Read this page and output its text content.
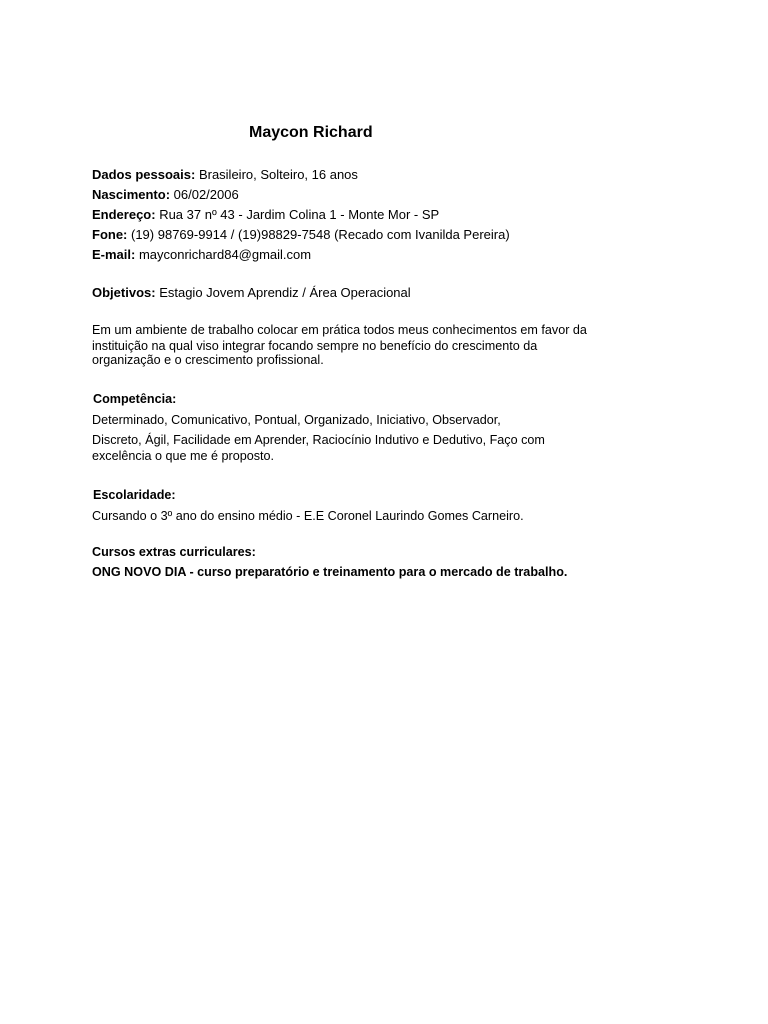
Maycon Richard
Dados pessoais: Brasileiro, Solteiro, 16 anos
Nascimento: 06/02/2006
Endereço: Rua 37 nº 43 - Jardim Colina 1 - Monte Mor - SP
Fone: (19) 98769-9914 / (19)98829-7548 (Recado com Ivanilda Pereira)
E-mail: mayconrichard84@gmail.com
Objetivos: Estagio Jovem Aprendiz / Área Operacional
Em um ambiente de trabalho colocar em prática todos meus conhecimentos em favor da
instituição na qual viso integrar focando sempre no benefício do crescimento da
organização e o crescimento profissional.
Competência:
Determinado, Comunicativo, Pontual, Organizado, Iniciativo, Observador,
Discreto, Ágil, Facilidade em Aprender, Raciocínio Indutivo e Dedutivo, Faço com
excelência o que me é proposto.
Escolaridade:
Cursando o 3º ano do ensino médio - E.E Coronel Laurindo Gomes Carneiro.
Cursos extras curriculares:
ONG NOVO DIA - curso preparatório e treinamento para o mercado de trabalho.
